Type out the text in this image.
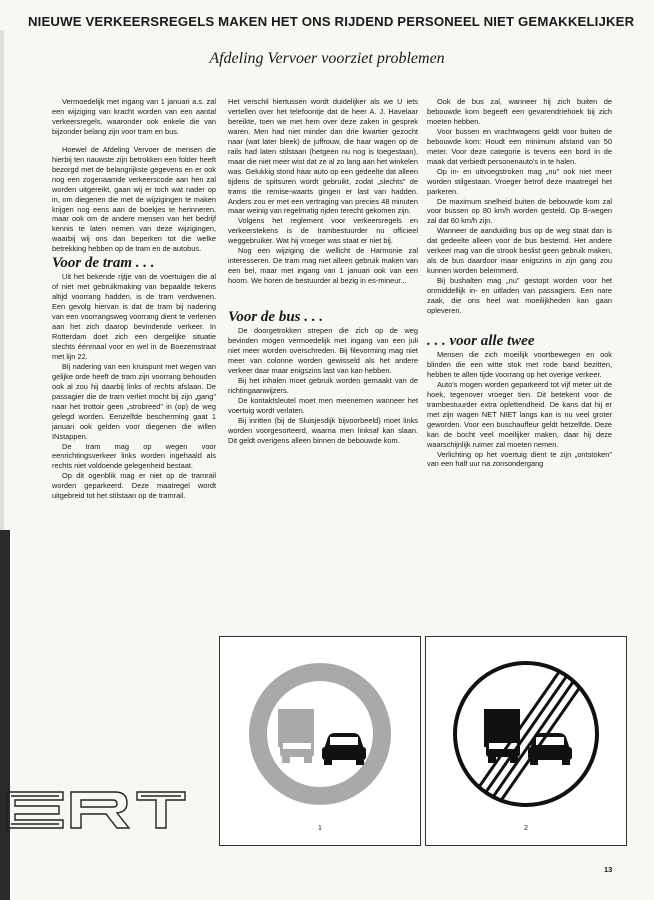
NIEUWE VERKEERSREGELS MAKEN HET ONS RIJDEND PERSONEEL NIET GEMAKKELIJKER
Afdeling Vervoer voorziet problemen

Vermoedelijk met ingang van 1 januari a.s. zal een wijziging van kracht worden van een aantal verkeersregels, waaronder ook enkele die van bijzonder belang zijn voor tram en bus.

Hoewel de Afdeling Vervoer de mensen die hierbij ten nauwste zijn betrokken een folder heeft bezorgd met de belangrijkste gegevens en er ook nog een zogenaamde verkeerscode aan hen zal worden uitgereikt, gaan wij er toch wat nader op in, om diegenen die met de wijzigingen te maken krijgen nog eens aan de boekjes te herinneren, maar ook om de andere mensen van het bedrijf kennis te laten nemen van deze wijzigingen, waarbij wij ons dan beperken tot die welke betrekking hebben op de tram en de autobus.

Voor de tram . . .

Uit het bekende rijtje van de voertuigen die al of niet met gebruikmaking van bepaalde tekens altijd voorrang hadden, is de tram verdwenen. Een gevolg hiervan is dat de tram bij nadering van een voorrangsweg voorrang dient te verlenen aan het zich daarop bevindende verkeer. In Rotterdam doet zich een dergelijke situatie slechts éénmaal voor en wel in de Boezemstraat met lijn 22.

Bij nadering van een kruispunt met wegen van gelijke orde heeft de tram zijn voorrang behouden ook al zou hij daarbij links of rechts afslaan. De passagier die de tram verliet mocht bij zijn „gang" naar het trottoir geen „strobreed" in (op) de weg gelegd worden. Eenzelfde bescherming gaat 1 januari ook gelden voor diegenen die willen INstappen.

De tram mag op wegen voor eenrichtingsverkeer links worden ingehaald als rechts niet voldoende gelegenheid bestaat.

Op dit ogenblik mag er niet op de tramrail worden geparkeerd. Deze maatregel wordt uitgebreid tot het stilstaan op de tramrail.

Het verschil hiertussen wordt duidelijker als we U iets vertellen over het telefoontje dat de heer A. J. Havelaar bereikte, toen we met hem over deze zaken in gesprek waren. Men had niet minder dan drie kwartier gezocht naar (wat later bleek) de juffrouw, die haar wagen op de rails had laten stilstaan (hetgeen nu nog is toegestaan), maar die niet meer wist dat ze al zo lang aan het winkelen was. Gelukkig stond haar auto op een gedeelte dat alleen tijdens de spitsuren wordt gebruikt, zodat „slechts" de trams die remise-waarts gingen er last van hadden. Anders zou er met een vertraging van precies 48 minuten maar weinig van regelmatig rijden terecht gekomen zijn.

Volgens het reglement voor verkeersregels en verkeerstekens is de trambestuurder nu officieel weggebruiker. Wat hij vroeger was staat er niet bij.

Nog een wijziging die wellicht de Harmonie zal interesseren. De tram mag niet alleen gebruik maken van een bel, maar met ingang van 1 januari ook van een hoorn. We horen de bestuurder al bezig in es-mineur...

Voor de bus . . .

De doorgetrokken strepen die zich op de weg bevinden mogen vermoedelijk met ingang van een juli niet meer worden overschreden. Bij filevorming mag niet meer van colonne worden gewisseld als het andere verkeer daar maar enigszins last van kan hebben.

Bij het inhalen moet gebruik worden gemaakt van de richtingaanwijzers.

De kontaktsleutel moet men meenemen wanneer het voertuig wordt verlaten.

Bij inritten (bij de Sluisjesdijk bijvoorbeeld) moet links worden voorgesorteerd, waarna men linksaf kan slaan. Dit geldt overigens alleen binnen de bebouwde kom.

Ook de bus zal, wanneer hij zich buiten de bebouwde kom begeeft een gevarendriehoek bij zich moeten hebben.

Voor bussen en vrachtwagens geldt voor buiten de bebouwde kom: Houdt een minimum afstand van 50 meter. Voor deze categorie is tevens een bord in de maak dat verbiedt personenauto's in te halen.

Op in- en uitvoegstroken mag „nu" ook niet meer worden stilgestaan. Vroeger betrof deze maatregel het parkeren.

De maximum snelheid buiten de bebouwde kom zal voor bussen op 80 km/h worden gesteld. Op B-wegen zal dat 60 km/h zijn.

Wanneer de aanduiding bus op de weg staat dan is dat gedeelte alleen voor de bus bestemd. Het andere verkeer mag van die strook beslist geen gebruik maken, als de bus daardoor maar enigszins in zijn gang zou kunnen worden belemmerd.

Bij bushalten mag „nu" gestopt worden voor het onmiddellijk in- en uitladen van passagiers. Een nare zaak, die ons heel wat moeilijkheden kan gaan opleveren.

. . . voor alle twee

Mensen die zich moeilijk voortbewegen en ook blinden die een witte stok met rode band bezitten, hebben te allen tijde voorrang op het overige verkeer.

Auto's mogen worden geparkeerd tot vijf meter uit de hoek, tegenover vroeger tien. Dit betekent voor de trambestuurder extra oplettendheid. De kans dat hij er met zijn wagen NET NIET langs kan is nu veel groter geworden. Voor een buschauffeur geldt hetzelfde. Deze kan de bocht veel moeilijker maken, daar hij deze waarschijnlijk ruimer zal moeten nemen.

Verlichting op het voertuig dient te zijn „ontstoken" van een half uur na zonsondergang

1	2
13
